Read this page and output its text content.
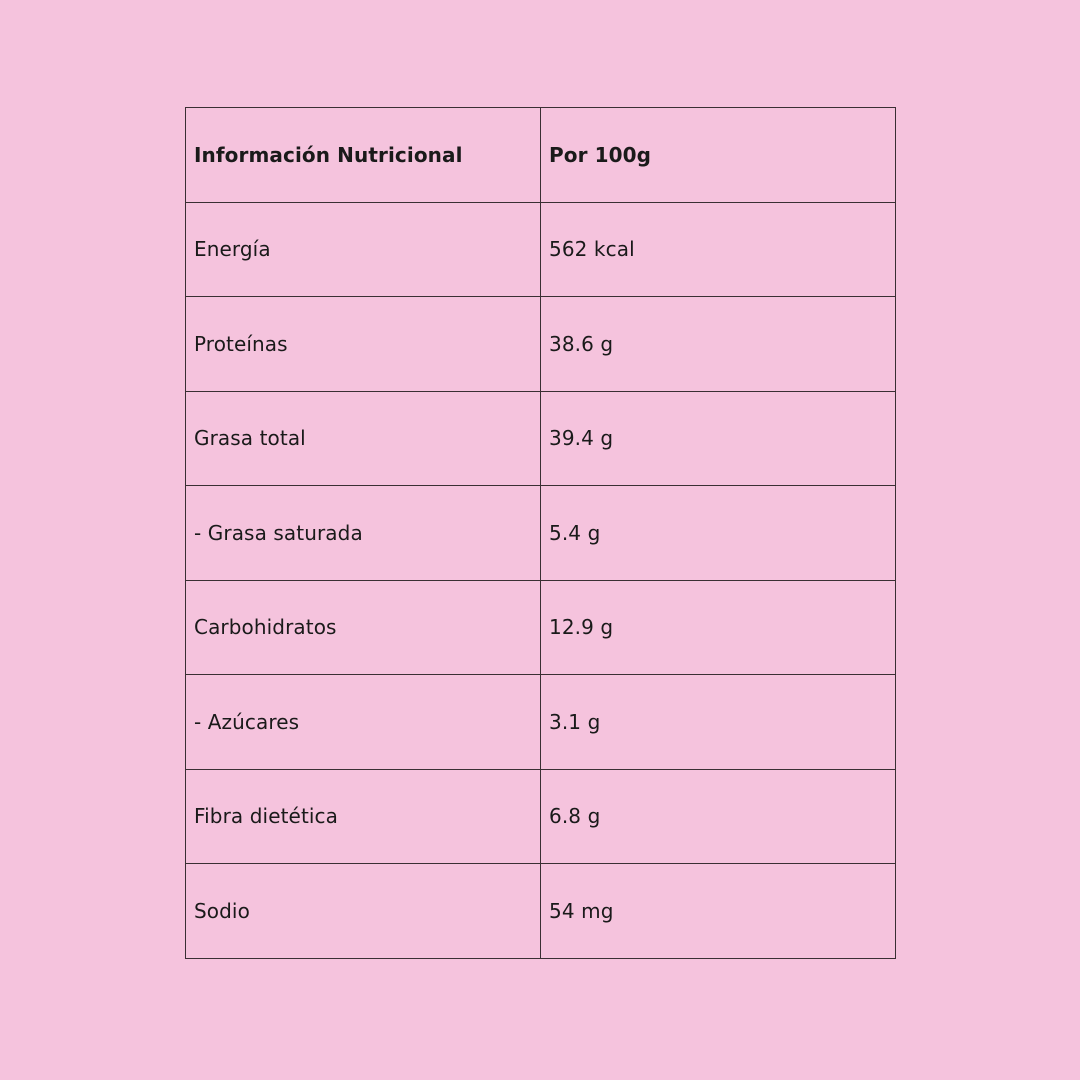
Información Nutricional	Por 100g
Energía	562 kcal
Proteínas	38.6 g
Grasa total	39.4 g
- Grasa saturada	5.4 g
Carbohidratos	12.9 g
- Azúcares	3.1 g
Fibra dietética	6.8 g
Sodio	54 mg
